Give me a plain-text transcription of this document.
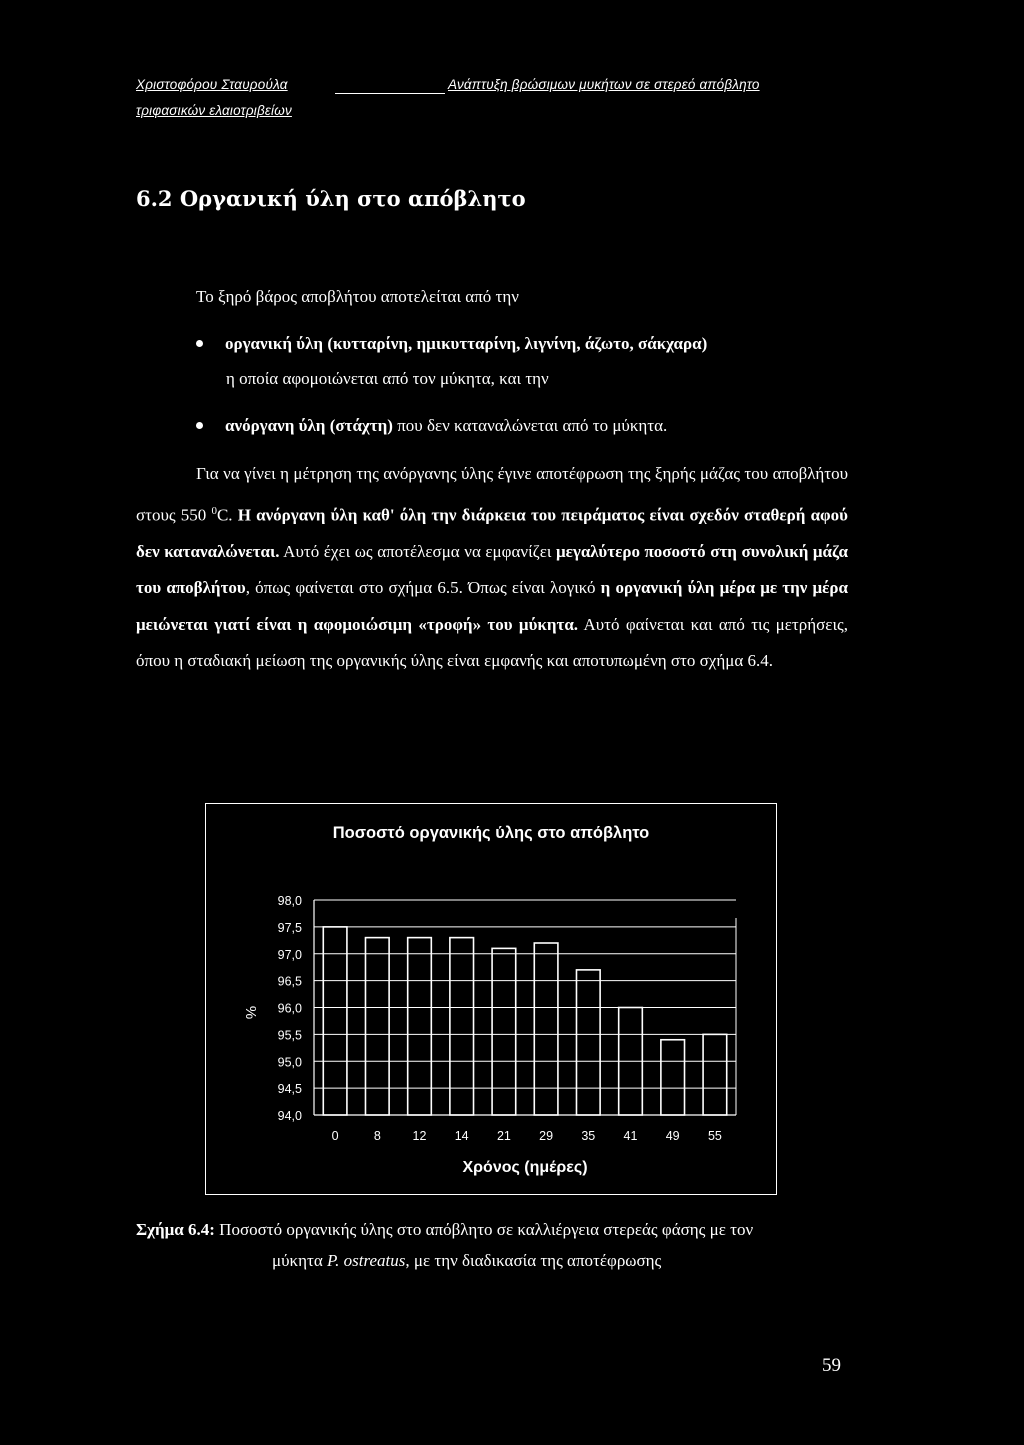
Χριστοφόρου Σταυρούλα	Ανάπτυξη βρώσιμων μυκήτων σε στερεό απόβλητο
τριφασικών ελαιοτριβείων
6.2 Οργανική ύλη στο απόβλητο
Το ξηρό βάρος αποβλήτου αποτελείται από την
οργανική ύλη (κυτταρίνη, ημικυτταρίνη, λιγνίνη, άζωτο, σάκχαρα)
η οποία αφομοιώνεται από τον μύκητα, και την
ανόργανη ύλη (στάχτη) που δεν καταναλώνεται από το μύκητα.
Για να γίνει η μέτρηση της ανόργανης ύλης έγινε αποτέφρωση της ξηρής μάζας του αποβλήτου στους 550 $^0$C. Η ανόργανη ύλη καθ' όλη την διάρκεια του πειράματος είναι σχεδόν σταθερή αφού δεν καταναλώνεται. Αυτό έχει ως αποτέλεσμα να εμφανίζει μεγαλύτερο ποσοστό στη συνολική μάζα του αποβλήτου, όπως φαίνεται στο σχήμα 6.5. Όπως είναι λογικό η οργανική ύλη μέρα με την μέρα μειώνεται γιατί είναι η αφομοιώσιμη «τροφή» του μύκητα. Αυτό φαίνεται και από τις μετρήσεις, όπου η σταδιακή μείωση της οργανικής ύλης είναι εμφανής και αποτυπωμένη στο σχήμα 6.4.
Ποσοστό οργανικής ύλης στο απόβλητο
98,0
97,5
97,0
96,5
96,0
95,5
95,0
94,5
94,0
0	8	12 14 21 29 35 41 49 55
Χρόνος (ημέρες)
%
Σχήμα 6.4: Ποσοστό οργανικής ύλης στο απόβλητο σε καλλιέργεια στερεάς φάσης με τον
μύκητα P. ostreatus, με την διαδικασία της αποτέφρωσης
59
